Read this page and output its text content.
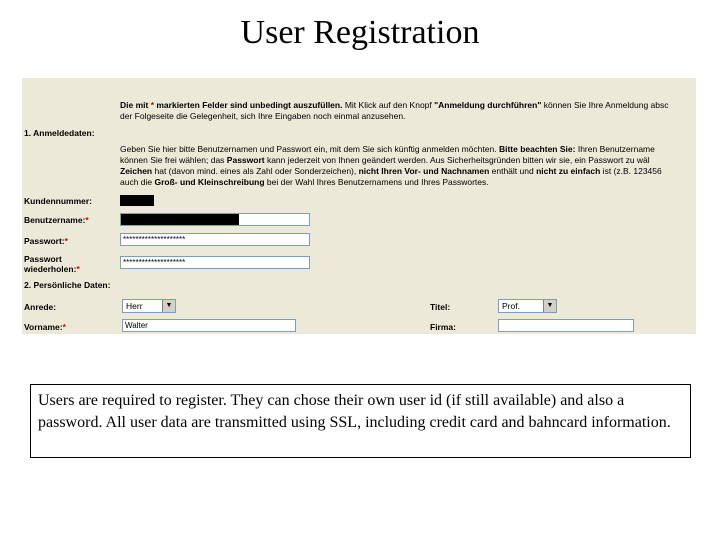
User Registration
Die mit * markierten Felder sind unbedingt auszufüllen. Mit Klick auf den Knopf "Anmeldung durchführen" können Sie Ihre Anmeldung absc
der Folgeseite die Gelegenheit, sich Ihre Eingaben noch einmal anzusehen.
1. Anmeldedaten:
Geben Sie hier bitte Benutzernamen und Passwort ein, mit dem Sie sich künftig anmelden möchten. Bitte beachten Sie: Ihren Benutzername
können Sie frei wählen; das Passwort kann jederzeit von Ihnen geändert werden. Aus Sicherheitsgründen bitten wir sie, ein Passwort zu wäl
Zeichen hat (davon mind. eines als Zahl oder Sonderzeichen), nicht Ihren Vor- und Nachnamen enthält und nicht zu einfach ist (z.B. 123456
auch die Groß- und Kleinschreibung bei der Wahl Ihres Benutzernamens und Ihres Passwortes.
Kundennummer:
Benutzername:*
Passwort:*	********************
Passwort
wiederholen:*
********************
2. Persönliche Daten:
Anrede:	Herr	▼	Titel:	Prof.	▼
Vorname:*	Walter	Firma:
Users are required to register. They can chose their own user id (if still available) and also a password. All user data are transmitted using SSL, including credit card and bahncard information.
